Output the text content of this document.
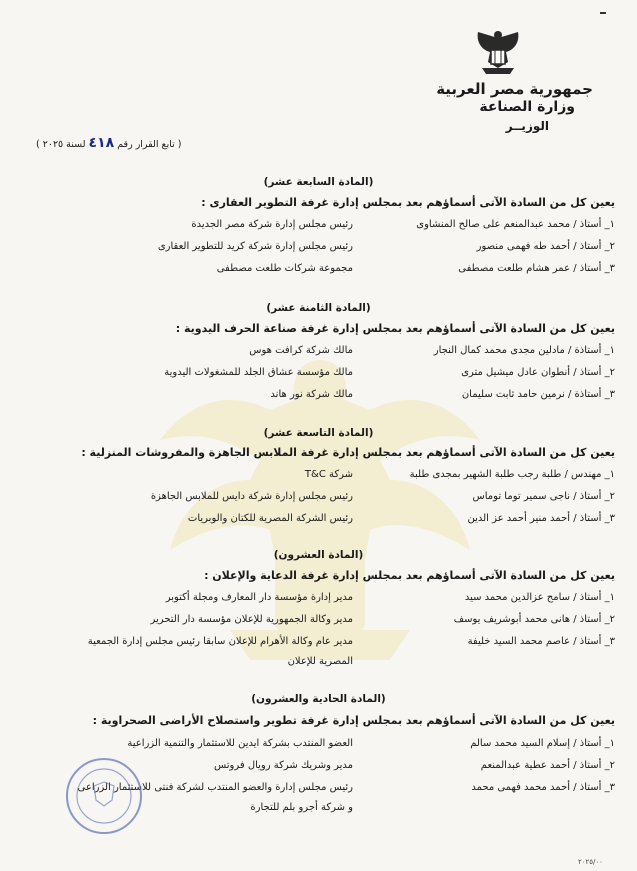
جمهورية مصر العربية
وزارة الصناعة
الوزيــر
( تابع القرار رقم ٤١٨ لسنة ٢٠٢٥ )
(المادة السابعة عشر)
يعين كل من السادة الآتى أسماؤهم بعد بمجلس إدارة غرفة التطوير العقارى :
١_ أستاذ / محمد عبدالمنعم على صالح المنشاوى
رئيس مجلس إدارة شركة مصر الجديدة
٢_ أستاذ / أحمد طه فهمى منصور
رئيس مجلس إدارة شركة كريد للتطوير العقارى
٣_ أستاذ / عمر هشام طلعت مصطفى
مجموعة شركات طلعت مصطفى
(المادة الثامنة عشر)
يعين كل من السادة الآتى أسماؤهم بعد بمجلس إدارة غرفة صناعة الحرف اليدوية :
١_ أستاذة / مادلين مجدى محمد كمال النجار
مالك شركة كرافت هوس
٢_ أستاذ / أنطوان عادل ميشيل مترى
مالك مؤسسة عشاق الجلد للمشغولات اليدوية
٣_ أستاذة / نرمين حامد ثابت سليمان
مالك شركة نور هاند
(المادة التاسعة عشر)
يعين كل من السادة الآتى أسماؤهم بعد بمجلس إدارة غرفة الملابس الجاهزة والمفروشات المنزلية :
١_ مهندس / طلبة رجب طلبة الشهير بمجدى طلبة
شركة T&C
٢_ أستاذ / ناجى سمير توما توماس
رئيس مجلس إدارة شركة دايس للملابس الجاهزة
٣_ أستاذ / أحمد منير أحمد عز الدين
رئيس الشركة المصرية للكتان والوبريات
(المادة العشرون)
يعين كل من السادة الآتى أسماؤهم بعد بمجلس إدارة غرفة الدعاية والإعلان :
١_ أستاذ / سامح عزالدين محمد سيد
مدير إدارة مؤسسة دار المعارف ومجلة أكتوبر
٢_ أستاذ / هانى محمد أبوشريف يوسف
مدير وكالة الجمهورية للإعلان مؤسسة دار التحرير
٣_ أستاذ / عاصم محمد السيد خليفة
مدير عام وكالة الأهرام للإعلان سابقا رئيس مجلس إدارة الجمعية
المصرية للإعلان
(المادة الحادية والعشرون)
يعين كل من السادة الآتى أسماؤهم بعد بمجلس إدارة غرفة تطوير واستصلاح الأراضى الصحراوية :
١_ أستاذ / إسلام السيد محمد سالم
العضو المنتدب بشركة ايدين للاستثمار والتنمية الزراعية
٢_ أستاذ / أحمد عطية عبدالمنعم
مدير وشريك شركة رويال فروتس
٣_ أستاذ / أحمد محمد فهمى محمد
رئيس مجلس إدارة والعضو المنتدب لشركة فنتى للاستثمار الزراعى
و شركة أجرو بلم للتجارة
٢٠٢٥/٠٠
